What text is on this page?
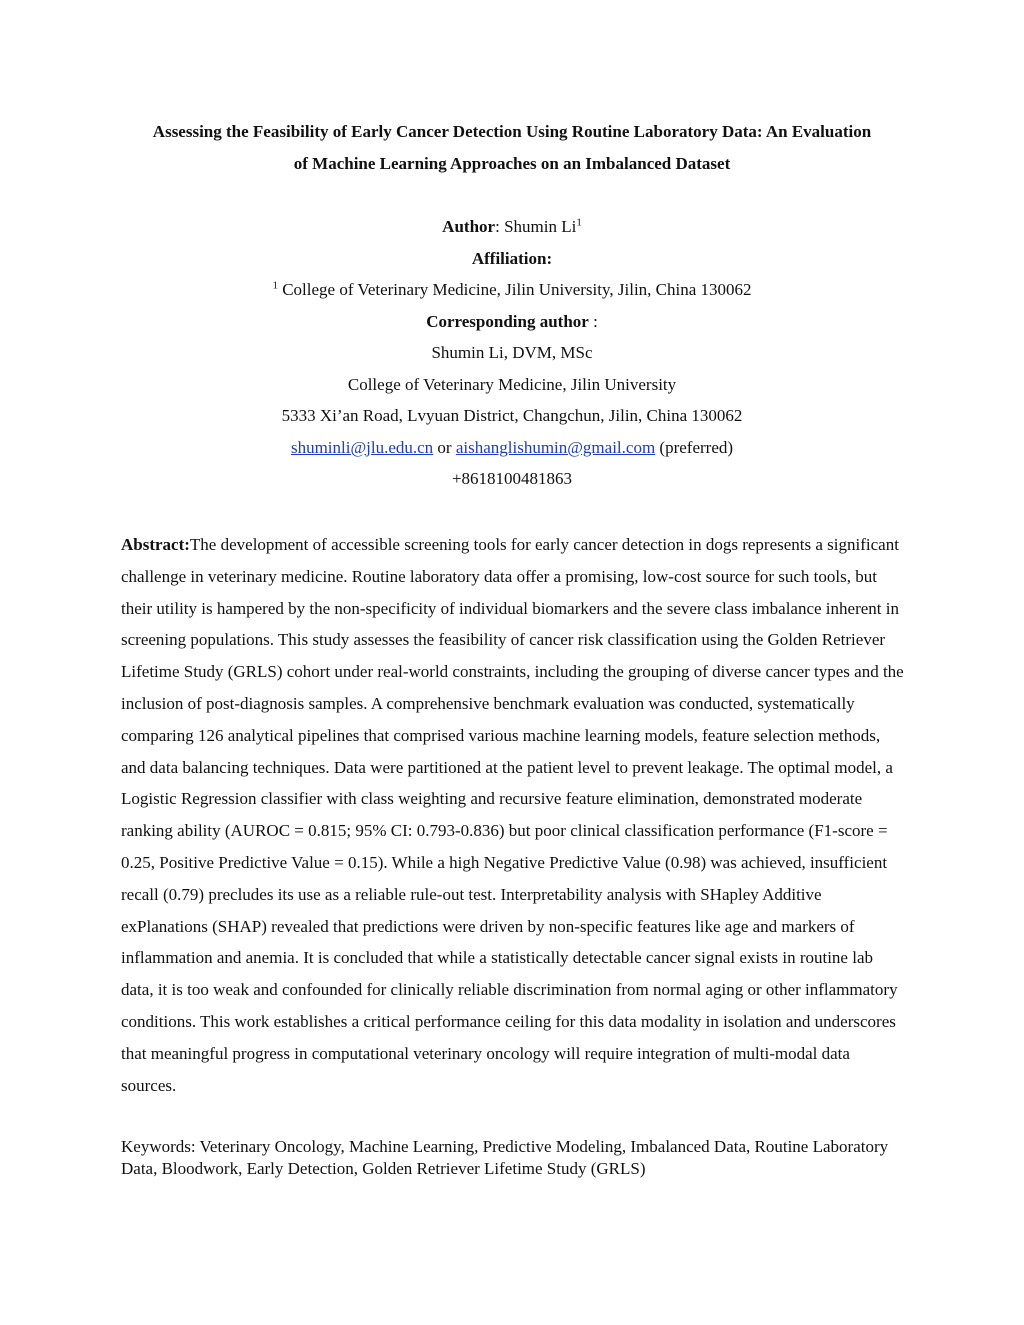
Assessing the Feasibility of Early Cancer Detection Using Routine Laboratory Data: An Evaluation
of Machine Learning Approaches on an Imbalanced Dataset
Author: Shumin Li$^1$
Affiliation:
$^1$ College of Veterinary Medicine, Jilin University, Jilin, China 130062
Corresponding author :
Shumin Li, DVM, MSc
College of Veterinary Medicine, Jilin University
5333 Xi’an Road, Lvyuan District, Changchun, Jilin, China 130062
shuminli@jlu.edu.cn or aishanglishumin@gmail.com (preferred)
+8618100481863
Abstract:The development of accessible screening tools for early cancer detection in dogs represents a significant challenge in veterinary medicine. Routine laboratory data offer a promising, low-cost source for such tools, but their utility is hampered by the non-specificity of individual biomarkers and the severe class imbalance inherent in screening populations. This study assesses the feasibility of cancer risk classification using the Golden Retriever Lifetime Study (GRLS) cohort under real-world constraints, including the grouping of diverse cancer types and the inclusion of post-diagnosis samples. A comprehensive benchmark evaluation was conducted, systematically comparing 126 analytical pipelines that comprised various machine learning models, feature selection methods, and data balancing techniques. Data were partitioned at the patient level to prevent leakage. The optimal model, a Logistic Regression classifier with class weighting and recursive feature elimination, demonstrated moderate ranking ability (AUROC = 0.815; 95% CI: 0.793-0.836) but poor clinical classification performance (F1-score = 0.25, Positive Predictive Value = 0.15). While a high Negative Predictive Value (0.98) was achieved, insufficient recall (0.79) precludes its use as a reliable rule-out test. Interpretability analysis with SHapley Additive exPlanations (SHAP) revealed that predictions were driven by non-specific features like age and markers of inflammation and anemia. It is concluded that while a statistically detectable cancer signal exists in routine lab data, it is too weak and confounded for clinically reliable discrimination from normal aging or other inflammatory conditions. This work establishes a critical performance ceiling for this data modality in isolation and underscores that meaningful progress in computational veterinary oncology will require integration of multi-modal data sources.
Keywords: Veterinary Oncology, Machine Learning, Predictive Modeling, Imbalanced Data, Routine Laboratory Data, Bloodwork, Early Detection, Golden Retriever Lifetime Study (GRLS)
